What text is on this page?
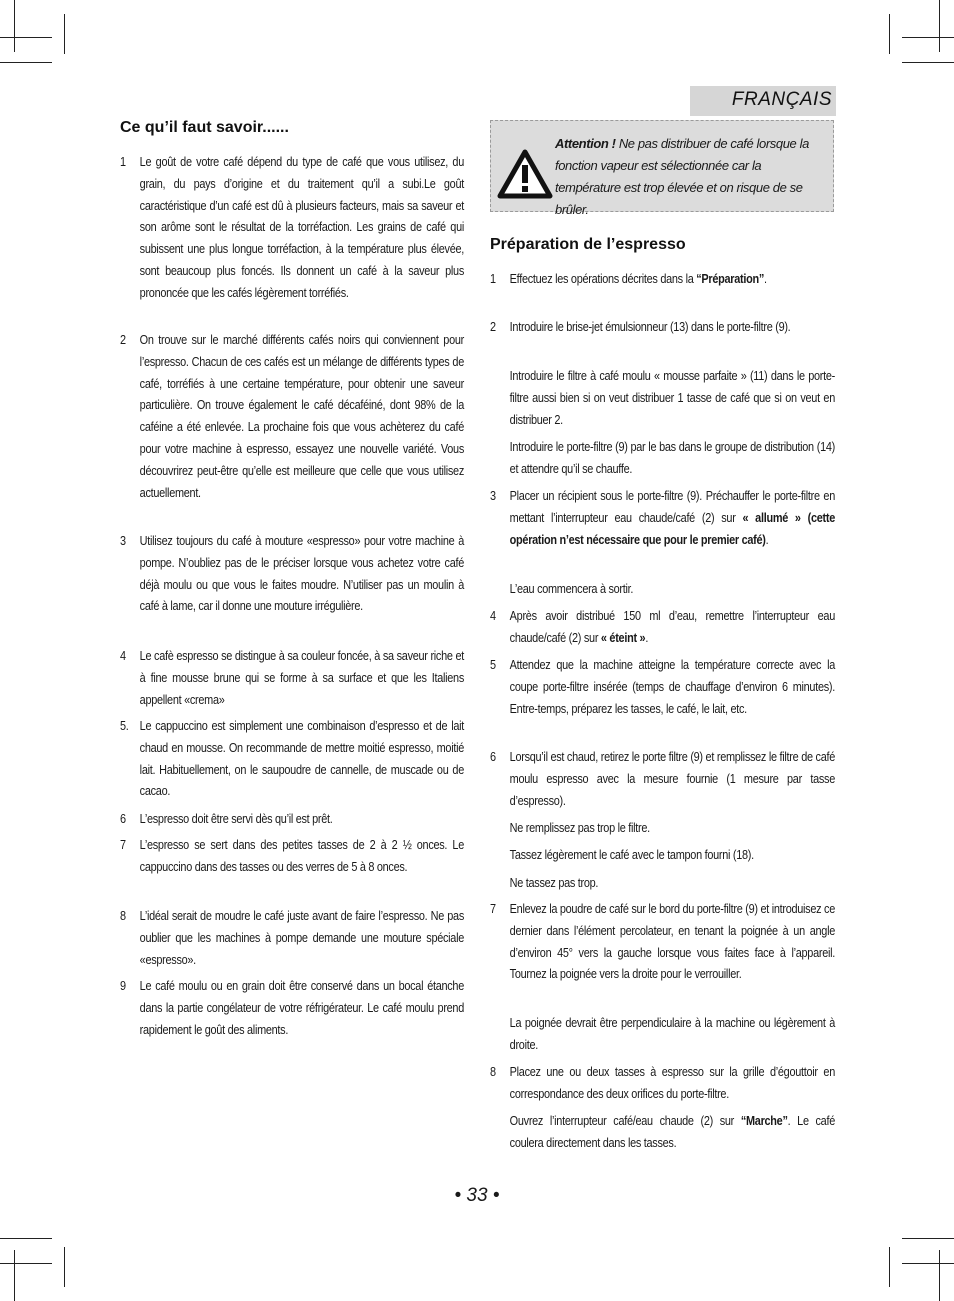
FRANÇAIS
Ce qu’il faut savoir......
1 Le goût de votre café dépend du type de café que vous utilisez, du grain, du pays d’origine et du traitement qu’il a subi.Le goût caractéristique d’un café est dû à plusieurs facteurs, mais sa saveur et son arôme sont le résultat de la torréfaction. Les grains de café qui subissent une plus longue torréfaction, à la température plus élevée, sont beaucoup plus foncés. Ils donnent un café à la saveur plus prononcée que les cafés légèrement torréfiés.
2 On trouve sur le marché différents cafés noirs qui conviennent pour l’espresso. Chacun de ces cafés est un mélange de différents types de café, torréfiés à une certaine température, pour obtenir une saveur particulière. On trouve également le café décaféiné, dont 98% de la caféine a été enlevée. La prochaine fois que vous achèterez du café pour votre machine à espresso, essayez une nouvelle variété. Vous découvrirez peut-être qu’elle est meilleure que celle que vous utilisez actuellement.
3 Utilisez toujours du café à mouture «espresso» pour votre machine à pompe. N’oubliez pas de le préciser lorsque vous achetez votre café déjà moulu ou que vous le faites moudre. N’utiliser pas un moulin à café à lame, car il donne une mouture irrégulière.
4 Le cafè espresso se distingue à sa couleur foncée, à sa saveur riche et à fine mousse brune qui se forme à sa surface et que les Italiens appellent «crema»
5. Le cappuccino est simplement une combinaison d’espresso et de lait chaud en mousse. On recommande de mettre moitié espresso, moitié lait. Habituellement, on le saupoudre de cannelle, de muscade ou de cacao.
6 L’espresso doit être servi dès qu’il est prêt.
7 L’espresso se sert dans des petites tasses de 2 à 2 ½ onces. Le cappuccino dans des tasses ou des verres de 5 à 8 onces.
8 L’idéal serait de moudre le café juste avant de faire l’espresso. Ne pas oublier que les machines à pompe demande une mouture spéciale «espresso».
9 Le café moulu ou en grain doit être conservé dans un bocal étanche dans la partie congélateur de votre réfrigérateur. Le café moulu prend rapidement le goût des aliments.
Attention ! Ne pas distribuer de café lorsque la fonction vapeur est sélectionnée car la température est trop élevée et on risque de se brûler.
Préparation de l’espresso
1 Effectuez les opérations décrites dans la “Préparation”.
2 Introduire le brise-jet émulsionneur (13) dans le porte-filtre (9).
Introduire le filtre à café moulu « mousse parfaite » (11) dans le porte-filtre aussi bien si on veut distribuer 1 tasse de café que si on veut en distribuer 2.
Introduire le porte-filtre (9) par le bas dans le groupe de distribution (14) et attendre qu’il se chauffe.
3 Placer un récipient sous le porte-filtre (9). Préchauffer le porte-filtre en mettant l’interrupteur eau chaude/café (2) sur « allumé » (cette opération n’est nécessaire que pour le premier café).
L’eau commencera à sortir.
4 Après avoir distribué 150 ml d’eau, remettre l’interrupteur eau chaude/café (2) sur « éteint ».
5 Attendez que la machine atteigne la température correcte avec la coupe porte-filtre insérée (temps de chauffage d’environ 6 minutes). Entre-temps, préparez les tasses, le café, le lait, etc.
6 Lorsqu’il est chaud, retirez le porte filtre (9) et remplissez le filtre de café moulu espresso avec la mesure fournie (1 mesure par tasse d’espresso).
Ne remplissez pas trop le filtre.
Tassez légèrement le café avec le tampon fourni (18).
Ne tassez pas trop.
7 Enlevez la poudre de café sur le bord du porte-filtre (9) et introduisez ce dernier dans l’élément percolateur, en tenant la poignée à un angle d’environ 45° vers la gauche lorsque vous faites face à l’appareil. Tournez la poignée vers la droite pour le verrouiller.
La poignée devrait être perpendiculaire à la machine ou légèrement à droite.
8 Placez une ou deux tasses à espresso sur la grille d’égouttoir en correspondance des deux orifices du porte-filtre.
Ouvrez l’interrupteur café/eau chaude (2) sur “Marche”. Le café coulera directement dans les tasses.
• 33 •
